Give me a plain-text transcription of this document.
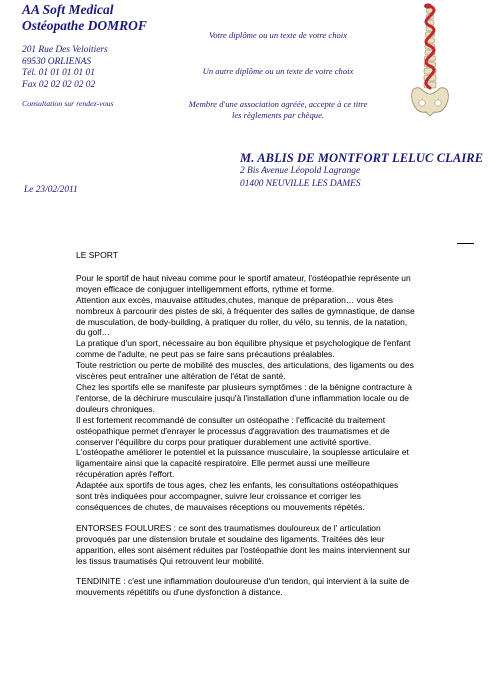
AA Soft Medical
Ostéopathe DOMROF
201 Rue Des Veloitiers
69530 ORLIENAS
Tél. 01 01 01 01 01
Fax 02 02 02 02 02
Consultation sur rendez-vous
Votre diplôme ou un texte de votre choix
Un autre diplôme ou un texte de votre choix
Membre d'une association agréée, accepte à ce titre
les règlements par chèque.
M. ABLIS DE MONTFORT LELUC CLAIRE
2 Bis Avenue Léopold Lagrange
01400 NEUVILLE LES DAMES
Le 23/02/2011

LE SPORT

Pour le sportif de haut niveau comme pour le sportif amateur, l'ostéopathie représente un moyen efficace de conjuguer intelligemment efforts, rythme et forme.

Attention aux excès, mauvaise attitudes,chutes, manque de préparation… vous êtes nombreux à parcourir des pistes de ski, à fréquenter des salles de gymnastique, de danse de musculation, de body-building, à pratiquer du roller, du vélo, su tennis, de la natation, du golf…

La pratique d'un sport, nécessaire au bon équilibre physique et psychologique de l'enfant comme de l'adulte, ne peut pas se faire sans précautions préalables.

Toute restriction ou perte de mobilité des muscles, des articulations, des ligaments ou des viscères peut entraîner une altération de l'état de santé.

Chez les sportifs elle se manifeste par plusieurs symptômes : de la bénigne contracture à l'entorse, de la déchirure musculaire jusqu'à l'installation d'une inflammation locale ou de douleurs chroniques.

Il est fortement recommandé de consulter un ostéopathe : l'efficacité du traitement ostéopathique permet d'enrayer le processus d'aggravation des traumatismes et de conserver l'équilibre du corps pour pratiquer durablement une activité sportive.

L'ostéopathe améliorer le potentiel et la puissance musculaire, la souplesse articulaire et ligamentaire ainsi que la capacité respiratoire. Elle permet aussi une meilleure récupération après l'effort.

Adaptée aux sportifs de tous ages, chez les enfants, les consultations ostéopathiques sont très indiquées pour accompagner, suivre leur croissance et corriger les conséquences de chutes, de mauvaises réceptions ou mouvements répétés.

ENTORSES FOULURES : ce sont des traumatismes douloureux de l' articulation provoqués par une distension brutale et soudaine des ligaments. Traitées dès leur apparition, elles sont aisément réduites par l'ostéopathie dont les mains interviennent sur les tissus traumatisés Qui retrouvent leur mobilité.

TENDINITE : c'est une inflammation douloureuse d'un tendon, qui intervient à la suite de mouvements répétitifs ou d'une dysfonction à distance.
